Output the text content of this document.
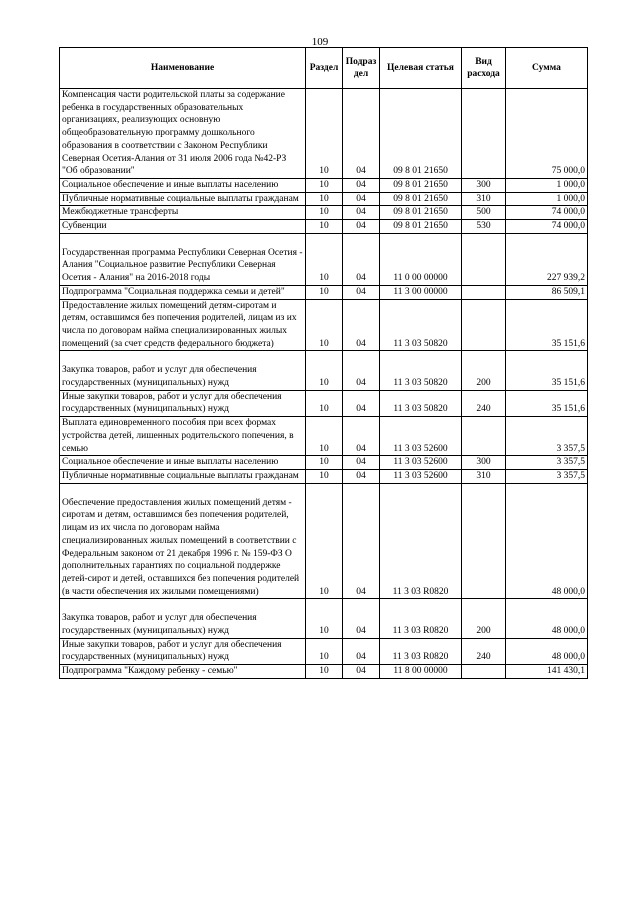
109
Наименование	Раздел	Подраз дел	Целевая статья	Вид расхода	Сумма
Компенсация части родительской платы за содержание ребенка в государственных образовательных организациях, реализующих основную общеобразовательную программу дошкольного образования в соответствии с Законом Республики Северная Осетия-Алания от 31 июля 2006 года №42-РЗ "Об образовании"	10	04	09 8 01 21650		75 000,0
Социальное обеспечение и иные выплаты населению	10	04	09 8 01 21650	300	1 000,0
Публичные нормативные социальные выплаты гражданам	10	04	09 8 01 21650	310	1 000,0
Межбюджетные трансферты	10	04	09 8 01 21650	500	74 000,0
Субвенции	10	04	09 8 01 21650	530	74 000,0
Государственная программа Республики Северная Осетия - Алания "Социальное развитие Республики Северная Осетия - Алания" на 2016-2018 годы	10	04	11 0 00 00000		227 939,2
Подпрограмма "Социальная поддержка семьи и детей"	10	04	11 3 00 00000		86 509,1
Предоставление жилых помещений детям-сиротам и детям, оставшимся без попечения родителей, лицам из их числа по договорам найма специализированных жилых помещений (за счет средств федерального бюджета)	10	04	11 3 03 50820		35 151,6
Закупка товаров, работ и услуг для обеспечения государственных (муниципальных) нужд	10	04	11 3 03 50820	200	35 151,6
Иные закупки товаров, работ и услуг для обеспечения государственных (муниципальных) нужд	10	04	11 3 03 50820	240	35 151,6
Выплата единовременного пособия при всех формах устройства детей, лишенных родительского попечения, в семью	10	04	11 3 03 52600		3 357,5
Социальное обеспечение и иные выплаты населению	10	04	11 3 03 52600	300	3 357,5
Публичные нормативные социальные выплаты гражданам	10	04	11 3 03 52600	310	3 357,5
Обеспечение предоставления жилых помещений детям - сиротам и детям, оставшимся без попечения родителей, лицам из их числа по договорам найма специализированных жилых помещений в соответствии с Федеральным законом от 21 декабря 1996 г. № 159-ФЗ О дополнительных гарантиях по социальной поддержке детей-сирот и детей, оставшихся без попечения родителей (в части обеспечения их жилыми помещениями)	10	04	11 3 03 R0820		48 000,0
Закупка товаров, работ и услуг для обеспечения государственных (муниципальных) нужд	10	04	11 3 03 R0820	200	48 000,0
Иные закупки товаров, работ и услуг для обеспечения государственных (муниципальных) нужд	10	04	11 3 03 R0820	240	48 000,0
Подпрограмма "Каждому ребенку - семью"	10	04	11 8 00 00000		141 430,1
